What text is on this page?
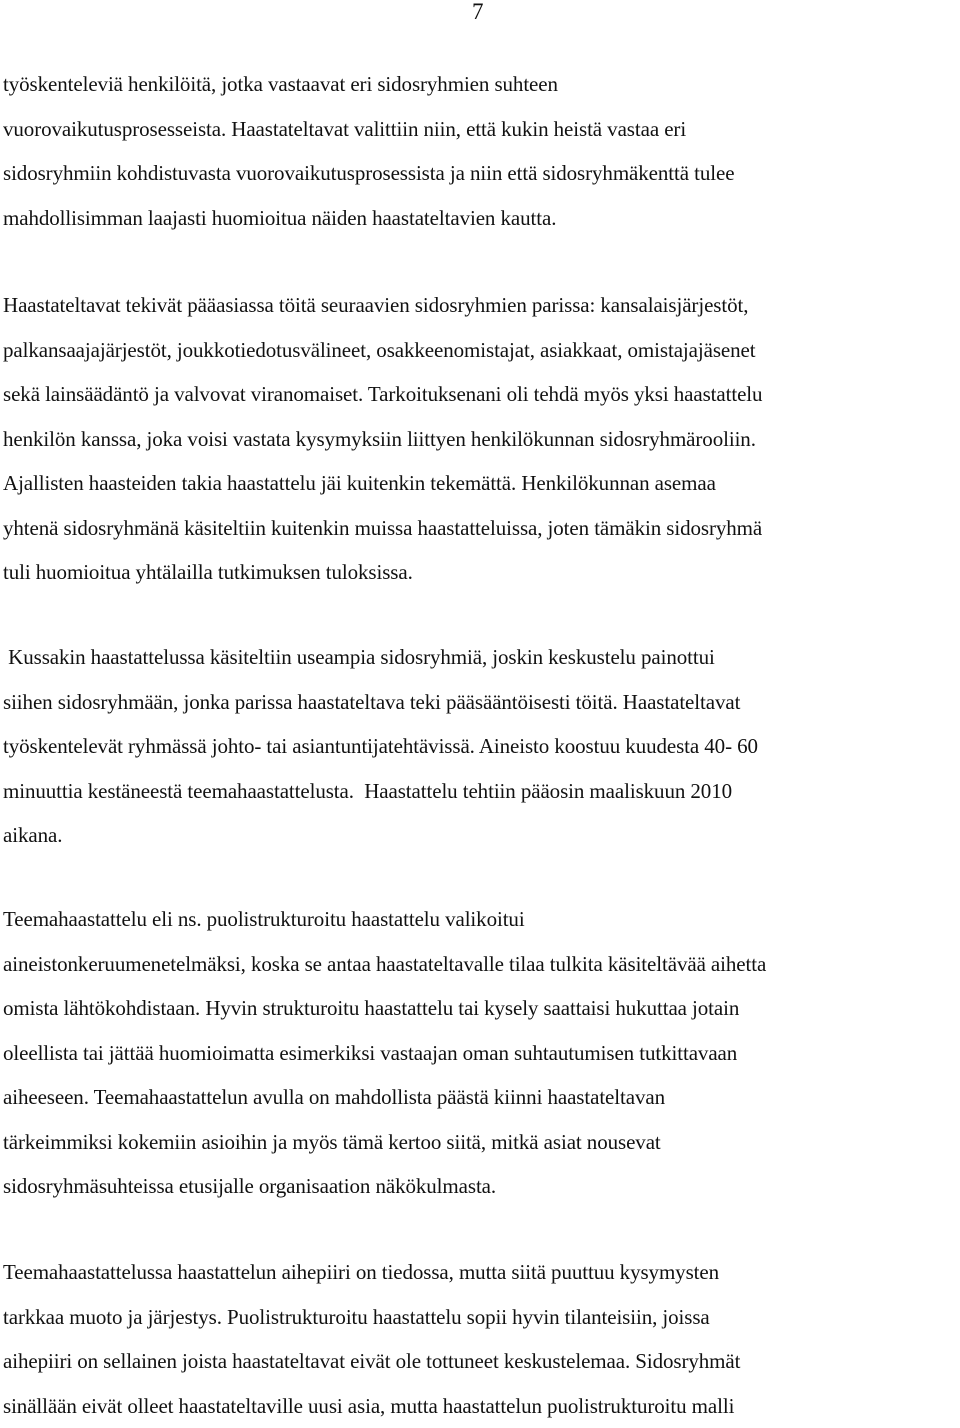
7

työskenteleviä henkilöitä, jotka vastaavat eri sidosryhmien suhteen
vuorovaikutusprosesseista. Haastateltavat valittiin niin, että kukin heistä vastaa eri
sidosryhmiin kohdistuvasta vuorovaikutusprosessista ja niin että sidosryhmäkenttä tulee
mahdollisimman laajasti huomioitua näiden haastateltavien kautta.

Haastateltavat tekivät pääasiassa töitä seuraavien sidosryhmien parissa: kansalaisjärjestöt,
palkansaajajärjestöt, joukkotiedotusvälineet, osakkeenomistajat, asiakkaat, omistajajäsenet
sekä lainsäädäntö ja valvovat viranomaiset. Tarkoituksenani oli tehdä myös yksi haastattelu
henkilön kanssa, joka voisi vastata kysymyksiin liittyen henkilökunnan sidosryhmärooliin.
Ajallisten haasteiden takia haastattelu jäi kuitenkin tekemättä. Henkilökunnan asemaa
yhtenä sidosryhmänä käsiteltiin kuitenkin muissa haastatteluissa, joten tämäkin sidosryhmä
tuli huomioitua yhtälailla tutkimuksen tuloksissa.

Kussakin haastattelussa käsiteltiin useampia sidosryhmiä, joskin keskustelu painottui
siihen sidosryhmään, jonka parissa haastateltava teki pääsääntöisesti töitä. Haastateltavat
työskentelevät ryhmässä johto- tai asiantuntijatehtävissä. Aineisto koostuu kuudesta 40- 60
minuuttia kestäneestä teemahaastattelusta.  Haastattelu tehtiin pääosin maaliskuun 2010
aikana.

Teemahaastattelu eli ns. puolistrukturoitu haastattelu valikoitui
aineistonkeruumenetelmäksi, koska se antaa haastateltavalle tilaa tulkita käsiteltävää aihetta
omista lähtökohdistaan. Hyvin strukturoitu haastattelu tai kysely saattaisi hukuttaa jotain
oleellista tai jättää huomioimatta esimerkiksi vastaajan oman suhtautumisen tutkittavaan
aiheeseen. Teemahaastattelun avulla on mahdollista päästä kiinni haastateltavan
tärkeimmiksi kokemiin asioihin ja myös tämä kertoo siitä, mitkä asiat nousevat
sidosryhmäsuhteissa etusijalle organisaation näkökulmasta.

Teemahaastattelussa haastattelun aihepiiri on tiedossa, mutta siitä puuttuu kysymysten
tarkkaa muoto ja järjestys. Puolistrukturoitu haastattelu sopii hyvin tilanteisiin, joissa
aihepiiri on sellainen joista haastateltavat eivät ole tottuneet keskustelemaa. Sidosryhmät
sinällään eivät olleet haastateltaville uusi asia, mutta haastattelun puolistrukturoitu malli
